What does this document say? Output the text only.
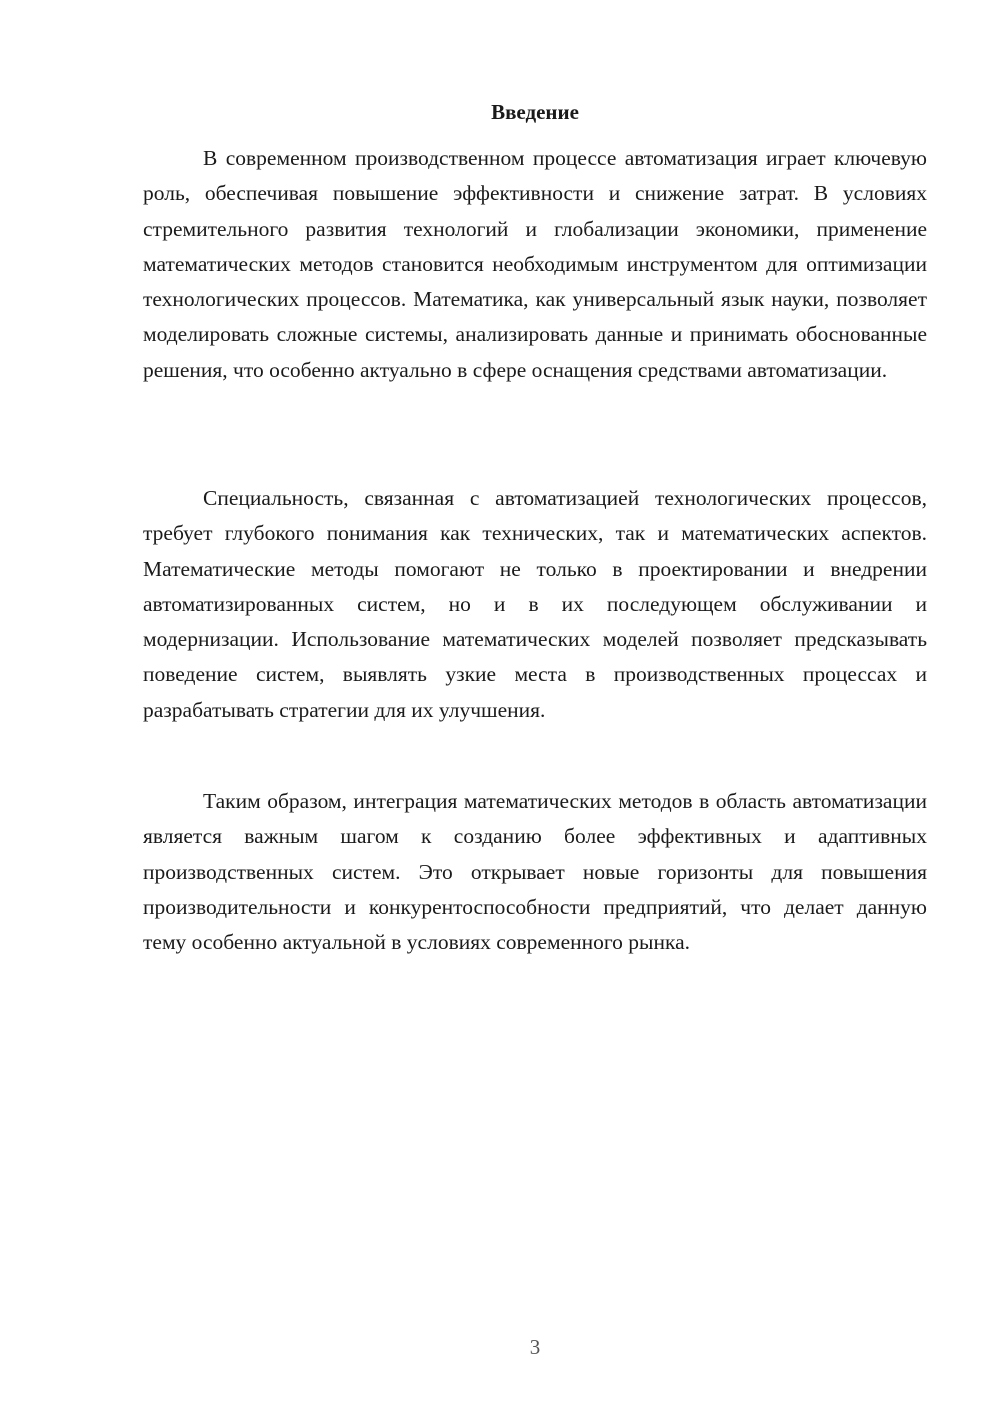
Введение

В современном производственном процессе автоматизация играет ключевую роль, обеспечивая повышение эффективности и снижение затрат. В условиях стремительного развития технологий и глобализации экономики, применение математических методов становится необходимым инструментом для оптимизации технологических процессов. Математика, как универсальный язык науки, позволяет моделировать сложные системы, анализировать данные и принимать обоснованные решения, что особенно актуально в сфере оснащения средствами автоматизации.

Специальность, связанная с автоматизацией технологических процессов, требует глубокого понимания как технических, так и математических аспектов. Математические методы помогают не только в проектировании и внедрении автоматизированных систем, но и в их последующем обслуживании и модернизации. Использование математических моделей позволяет предсказывать поведение систем, выявлять узкие места в производственных процессах и разрабатывать стратегии для их улучшения.

Таким образом, интеграция математических методов в область автоматизации является важным шагом к созданию более эффективных и адаптивных производственных систем. Это открывает новые горизонты для повышения производительности и конкурентоспособности предприятий, что делает данную тему особенно актуальной в условиях современного рынка.

3
